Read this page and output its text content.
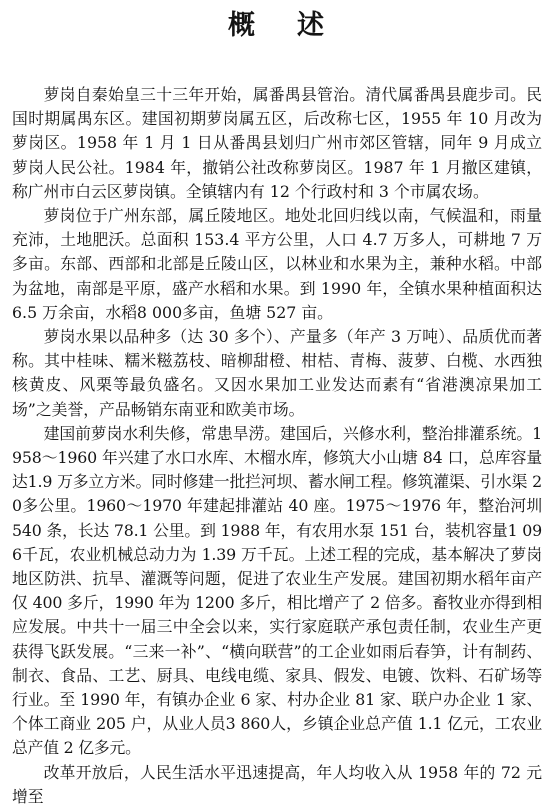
概述

萝岗自秦始皇三十三年开始，属番禺县管治。清代属番禺县鹿步司。民国时期属禺东区。建国初期萝岗属五区，后改称七区，1955 年 10 月改为萝岗区。1958 年 1 月 1 日从番禺县划归广州市郊区管辖，同年 9 月成立萝岗人民公社。1984 年，撤销公社改称萝岗区。1987 年 1 月撤区建镇，称广州市白云区萝岗镇。全镇辖内有 12 个行政村和 3 个市属农场。

萝岗位于广州东部，属丘陵地区。地处北回归线以南，气候温和，雨量充沛，土地肥沃。总面积 153.4 平方公里，人口 4.7 万多人，可耕地 7 万多亩。东部、西部和北部是丘陵山区，以林业和水果为主，兼种水稻。中部为盆地，南部是平原，盛产水稻和水果。到 1990 年，全镇水果种植面积达 6.5 万余亩，水稻8 000多亩，鱼塘 527 亩。

萝岗水果以品种多（达 30 多个）、产量多（年产 3 万吨）、品质优而著称。其中桂味、糯米糍荔枝、暗柳甜橙、柑桔、青梅、菠萝、白榄、水西独核黄皮、风栗等最负盛名。又因水果加工业发达而素有“省港澳凉果加工场”之美誉，产品畅销东南亚和欧美市场。

建国前萝岗水利失修，常患旱涝。建国后，兴修水利，整治排灌系统。1958～1960 年兴建了水口水库、木榴水库，修筑大小山塘 84 口，总库容量达1.9 万多立方米。同时修建一批拦河坝、蓄水闸工程。修筑灌渠、引水渠 20多公里。1960～1970 年建起排灌站 40 座。1975～1976 年，整治河圳 540 条，长达 78.1 公里。到 1988 年，有农用水泵 151 台，装机容量1 096千瓦，农业机械总动力为 1.39 万千瓦。上述工程的完成，基本解决了萝岗地区防洪、抗旱、灌溉等问题，促进了农业生产发展。建国初期水稻年亩产仅 400 多斤，1990 年为 1200 多斤，相比增产了 2 倍多。畜牧业亦得到相应发展。中共十一届三中全会以来，实行家庭联产承包责任制，农业生产更获得飞跃发展。“三来一补”、“横向联营”的工企业如雨后春笋，计有制药、制衣、食品、工艺、厨具、电线电缆、家具、假发、电镀、饮料、石矿场等行业。至 1990 年，有镇办企业 6 家、村办企业 81 家、联户办企业 1 家、个体工商业 205 户，从业人员3 860人，乡镇企业总产值 1.1 亿元，工农业总产值 2 亿多元。

改革开放后，人民生活水平迅速提高，年人均收入从 1958 年的 72 元增至
